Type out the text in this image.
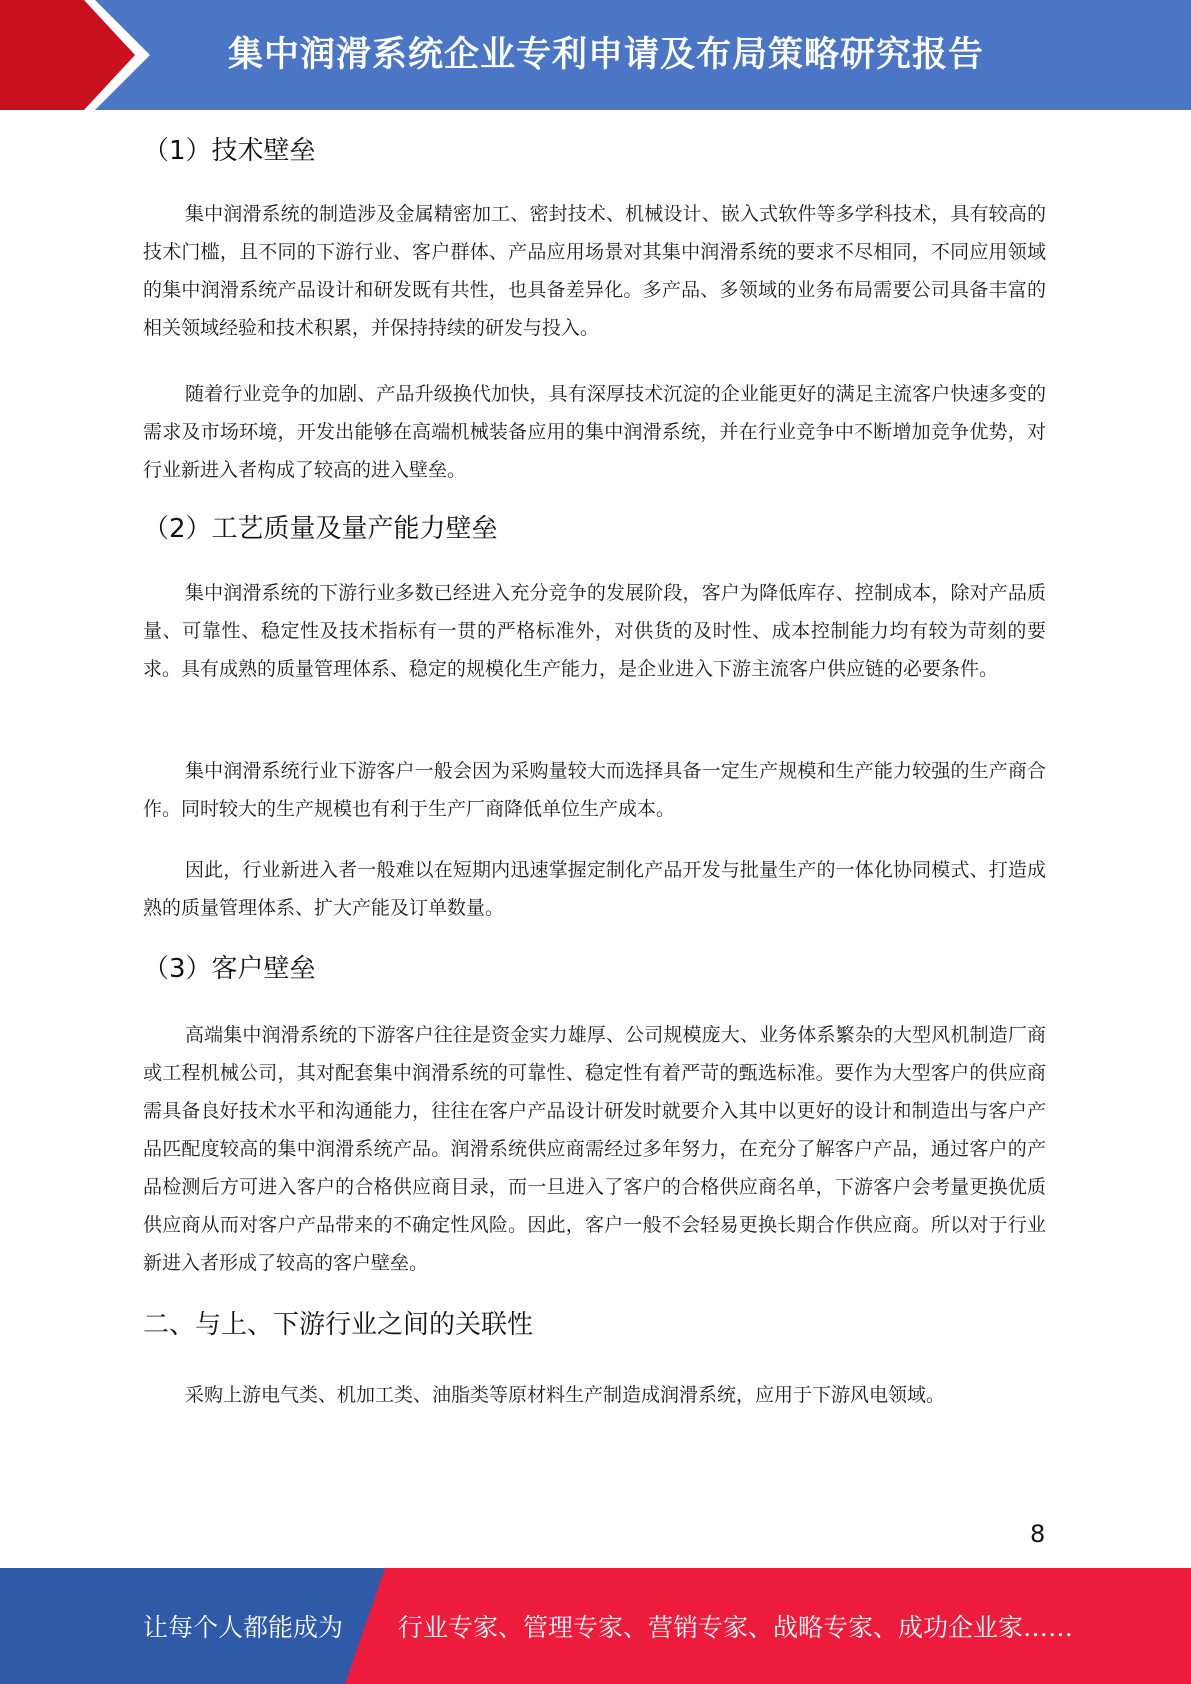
集中润滑系统企业专利申请及布局策略研究报告
（1）技术壁垒

集中润滑系统的制造涉及金属精密加工、密封技术、机械设计、嵌入式软件等多学科技术，具有较高的技术门槛，且不同的下游行业、客户群体、产品应用场景对其集中润滑系统的要求不尽相同，不同应用领域的集中润滑系统产品设计和研发既有共性，也具备差异化。多产品、多领域的业务布局需要公司具备丰富的相关领域经验和技术积累，并保持持续的研发与投入。

随着行业竞争的加剧、产品升级换代加快，具有深厚技术沉淀的企业能更好的满足主流客户快速多变的需求及市场环境，开发出能够在高端机械装备应用的集中润滑系统，并在行业竞争中不断增加竞争优势，对行业新进入者构成了较高的进入壁垒。

（2）工艺质量及量产能力壁垒

集中润滑系统的下游行业多数已经进入充分竞争的发展阶段，客户为降低库存、控制成本，除对产品质量、可靠性、稳定性及技术指标有一贯的严格标准外，对供货的及时性、成本控制能力均有较为苛刻的要求。具有成熟的质量管理体系、稳定的规模化生产能力，是企业进入下游主流客户供应链的必要条件。

集中润滑系统行业下游客户一般会因为采购量较大而选择具备一定生产规模和生产能力较强的生产商合作。同时较大的生产规模也有利于生产厂商降低单位生产成本。

因此，行业新进入者一般难以在短期内迅速掌握定制化产品开发与批量生产的一体化协同模式、打造成熟的质量管理体系、扩大产能及订单数量。

（3）客户壁垒

高端集中润滑系统的下游客户往往是资金实力雄厚、公司规模庞大、业务体系繁杂的大型风机制造厂商或工程机械公司，其对配套集中润滑系统的可靠性、稳定性有着严苛的甄选标准。要作为大型客户的供应商需具备良好技术水平和沟通能力，往往在客户产品设计研发时就要介入其中以更好的设计和制造出与客户产品匹配度较高的集中润滑系统产品。润滑系统供应商需经过多年努力，在充分了解客户产品，通过客户的产品检测后方可进入客户的合格供应商目录，而一旦进入了客户的合格供应商名单，下游客户会考量更换优质供应商从而对客户产品带来的不确定性风险。因此，客户一般不会轻易更换长期合作供应商。所以对于行业新进入者形成了较高的客户壁垒。

二、与上、下游行业之间的关联性

采购上游电气类、机加工类、油脂类等原材料生产制造成润滑系统，应用于下游风电领域。

8
让每个人都能成为 行业专家、管理专家、营销专家、战略专家、成功企业家……
